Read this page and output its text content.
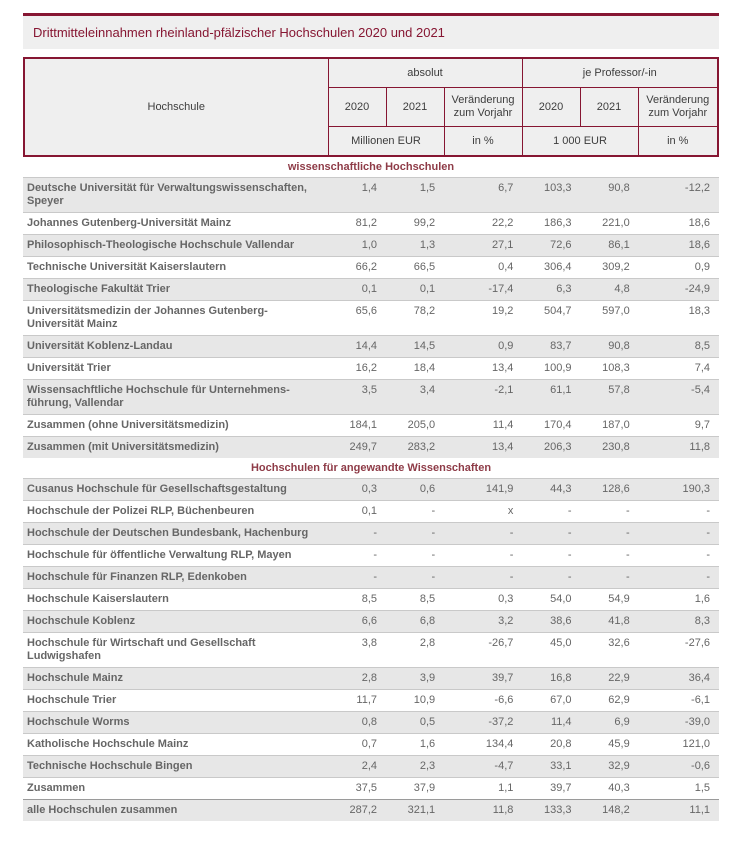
Drittmitteleinnahmen rheinland-pfälzischer Hochschulen 2020 und 2021
Hochschule	absolut			je Professor/-in		
	2020	2021	Veränderung zum Vorjahr	2020	2021	Veränderung zum Vorjahr
	Millionen EUR		in %	1 000 EUR		in %
wissenschaftliche Hochschulen						
Deutsche Universität für Verwaltungswissenschaften, Speyer	1,4	1,5	6,7	103,3	90,8	-12,2
Johannes Gutenberg-Universität Mainz	81,2	99,2	22,2	186,3	221,0	18,6
Philosophisch-Theologische Hochschule Vallendar	1,0	1,3	27,1	72,6	86,1	18,6
Technische Universität Kaiserslautern	66,2	66,5	0,4	306,4	309,2	0,9
Theologische Fakultät Trier	0,1	0,1	-17,4	6,3	4,8	-24,9
Universitätsmedizin der Johannes Gutenberg-Universität Mainz	65,6	78,2	19,2	504,7	597,0	18,3
Universität Koblenz-Landau	14,4	14,5	0,9	83,7	90,8	8,5
Universität Trier	16,2	18,4	13,4	100,9	108,3	7,4
Wissensachftliche Hochschule für Unternehmens-führung, Vallendar	3,5	3,4	-2,1	61,1	57,8	-5,4
Zusammen (ohne Universitätsmedizin)	184,1	205,0	11,4	170,4	187,0	9,7
Zusammen (mit Universitätsmedizin)	249,7	283,2	13,4	206,3	230,8	11,8
Hochschulen für angewandte Wissenschaften						
Cusanus Hochschule für Gesellschaftsgestaltung	0,3	0,6	141,9	44,3	128,6	190,3
Hochschule der Polizei RLP, Büchenbeuren	0,1	-	x	-	-	-
Hochschule der Deutschen Bundesbank, Hachenburg	-	-	-	-	-	-
Hochschule für öffentliche Verwaltung RLP, Mayen	-	-	-	-	-	-
Hochschule für Finanzen RLP, Edenkoben	-	-	-	-	-	-
Hochschule Kaiserslautern	8,5	8,5	0,3	54,0	54,9	1,6
Hochschule Koblenz	6,6	6,8	3,2	38,6	41,8	8,3
Hochschule für Wirtschaft und Gesellschaft Ludwigshafen	3,8	2,8	-26,7	45,0	32,6	-27,6
Hochschule Mainz	2,8	3,9	39,7	16,8	22,9	36,4
Hochschule Trier	11,7	10,9	-6,6	67,0	62,9	-6,1
Hochschule Worms	0,8	0,5	-37,2	11,4	6,9	-39,0
Katholische Hochschule Mainz	0,7	1,6	134,4	20,8	45,9	121,0
Technische Hochschule Bingen	2,4	2,3	-4,7	33,1	32,9	-0,6
Zusammen	37,5	37,9	1,1	39,7	40,3	1,5
alle Hochschulen zusammen	287,2	321,1	11,8	133,3	148,2	11,1
